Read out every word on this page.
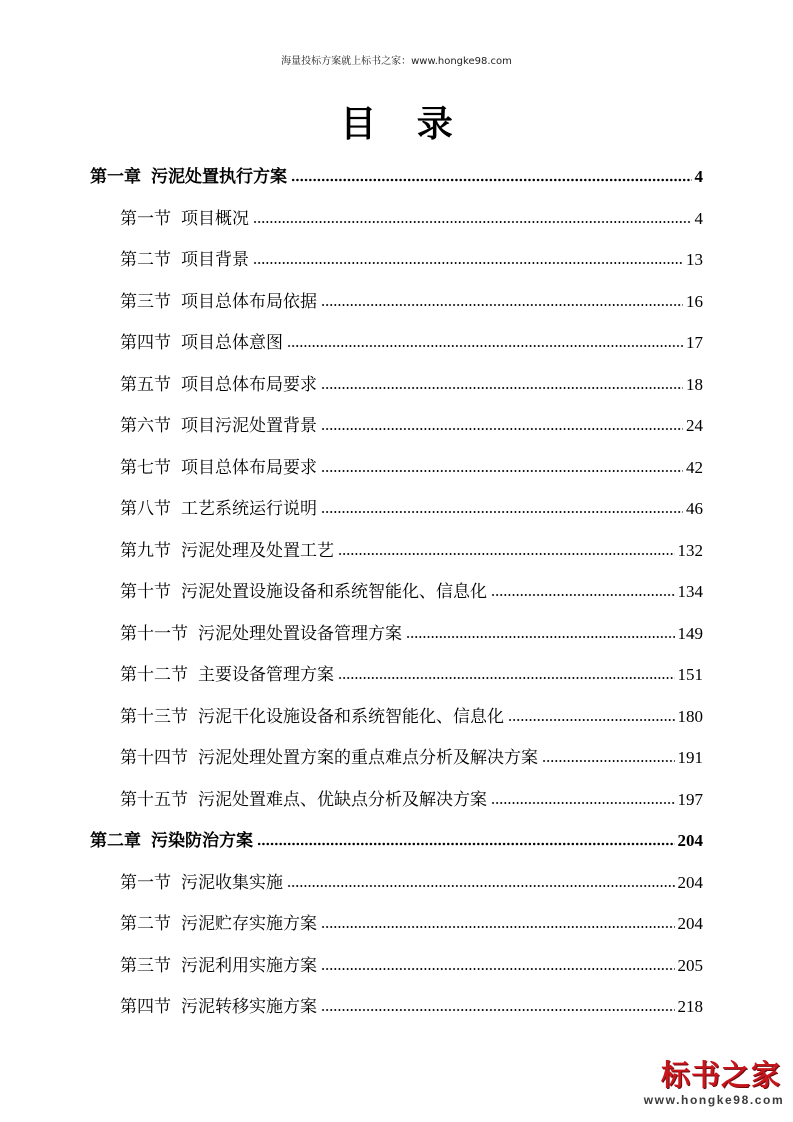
海量投标方案就上标书之家：www.hongke98.com
目 录
第一章 污泥处置执行方案	4
第一节 项目概况	4
第二节 项目背景	13
第三节 项目总体布局依据	16
第四节 项目总体意图	17
第五节 项目总体布局要求	18
第六节 项目污泥处置背景	24
第七节 项目总体布局要求	42
第八节 工艺系统运行说明	46
第九节 污泥处理及处置工艺	132
第十节 污泥处置设施设备和系统智能化、信息化	134
第十一节 污泥处理处置设备管理方案	149
第十二节 主要设备管理方案	151
第十三节 污泥干化设施设备和系统智能化、信息化	180
第十四节 污泥处理处置方案的重点难点分析及解决方案	191
第十五节 污泥处置难点、优缺点分析及解决方案	197
第二章 污染防治方案	204
第一节 污泥收集实施	204
第二节 污泥贮存实施方案	204
第三节 污泥利用实施方案	205
第四节 污泥转移实施方案	218
标书之家
www.hongke98.com
